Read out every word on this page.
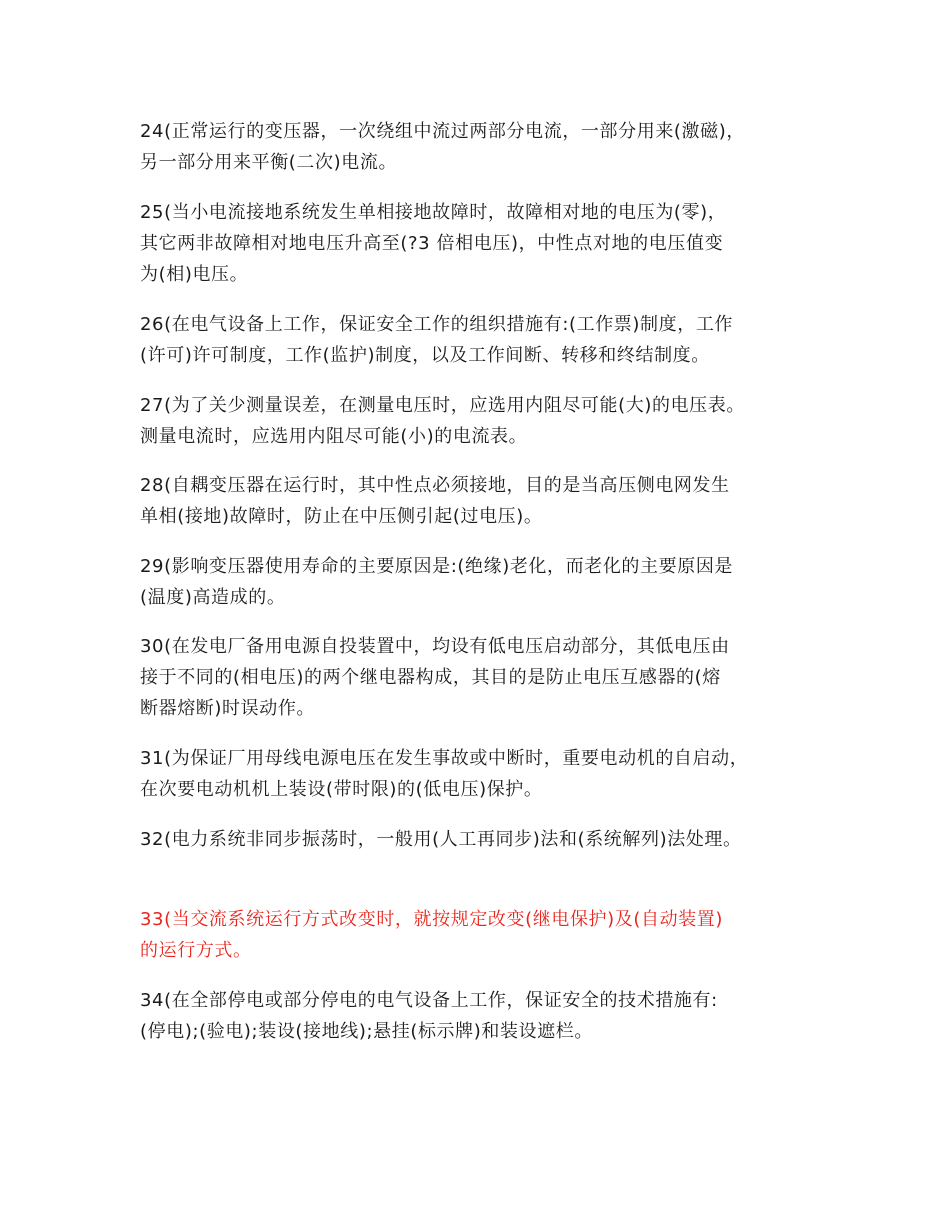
24(正常运行的变压器，一次绕组中流过两部分电流，一部分用来(激磁)，
另一部分用来平衡(二次)电流。
25(当小电流接地系统发生单相接地故障时，故障相对地的电压为(零)，
其它两非故障相对地电压升高至(?3 倍相电压)，中性点对地的电压值变
为(相)电压。
26(在电气设备上工作，保证安全工作的组织措施有:(工作票)制度，工作
(许可)许可制度，工作(监护)制度，以及工作间断、转移和终结制度。
27(为了关少测量误差，在测量电压时，应选用内阻尽可能(大)的电压表。
测量电流时，应选用内阻尽可能(小)的电流表。
28(自耦变压器在运行时，其中性点必须接地，目的是当高压侧电网发生
单相(接地)故障时，防止在中压侧引起(过电压)。
29(影响变压器使用寿命的主要原因是:(绝缘)老化，而老化的主要原因是
(温度)高造成的。
30(在发电厂备用电源自投装置中，均设有低电压启动部分，其低电压由
接于不同的(相电压)的两个继电器构成，其目的是防止电压互感器的(熔
断器熔断)时误动作。
31(为保证厂用母线电源电压在发生事故或中断时，重要电动机的自启动，
在次要电动机机上装设(带时限)的(低电压)保护。
32(电力系统非同步振荡时，一般用(人工再同步)法和(系统解列)法处理。
33(当交流系统运行方式改变时，就按规定改变(继电保护)及(自动装置)
的运行方式。
34(在全部停电或部分停电的电气设备上工作，保证安全的技术措施有:
(停电);(验电);装设(接地线);悬挂(标示牌)和装设遮栏。
